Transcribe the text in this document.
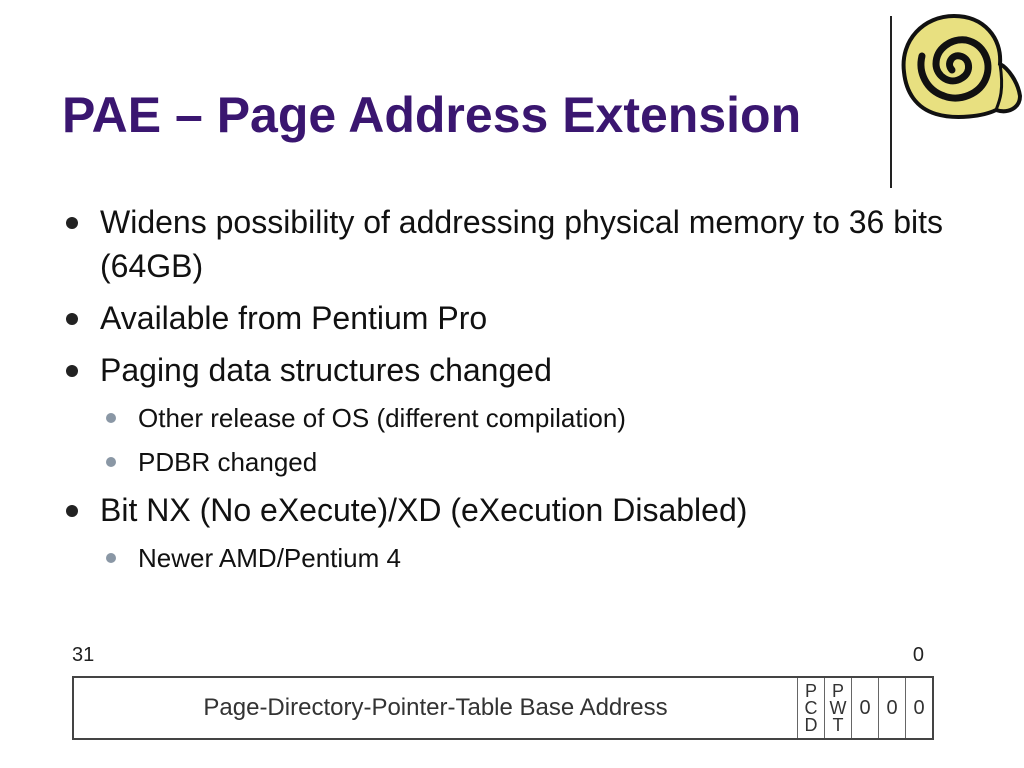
PAE – Page Address Extension
Widens possibility of addressing physical memory to 36 bits (64GB)
Available from Pentium Pro
Paging data structures changed
Other release of OS (different compilation)
PDBR changed
Bit NX (No eXecute)/XD (eXecution Disabled)
Newer AMD/Pentium 4
31	0
Page-Directory-Pointer-Table Base Address
P
C
D
P
W
T
0 0 0
